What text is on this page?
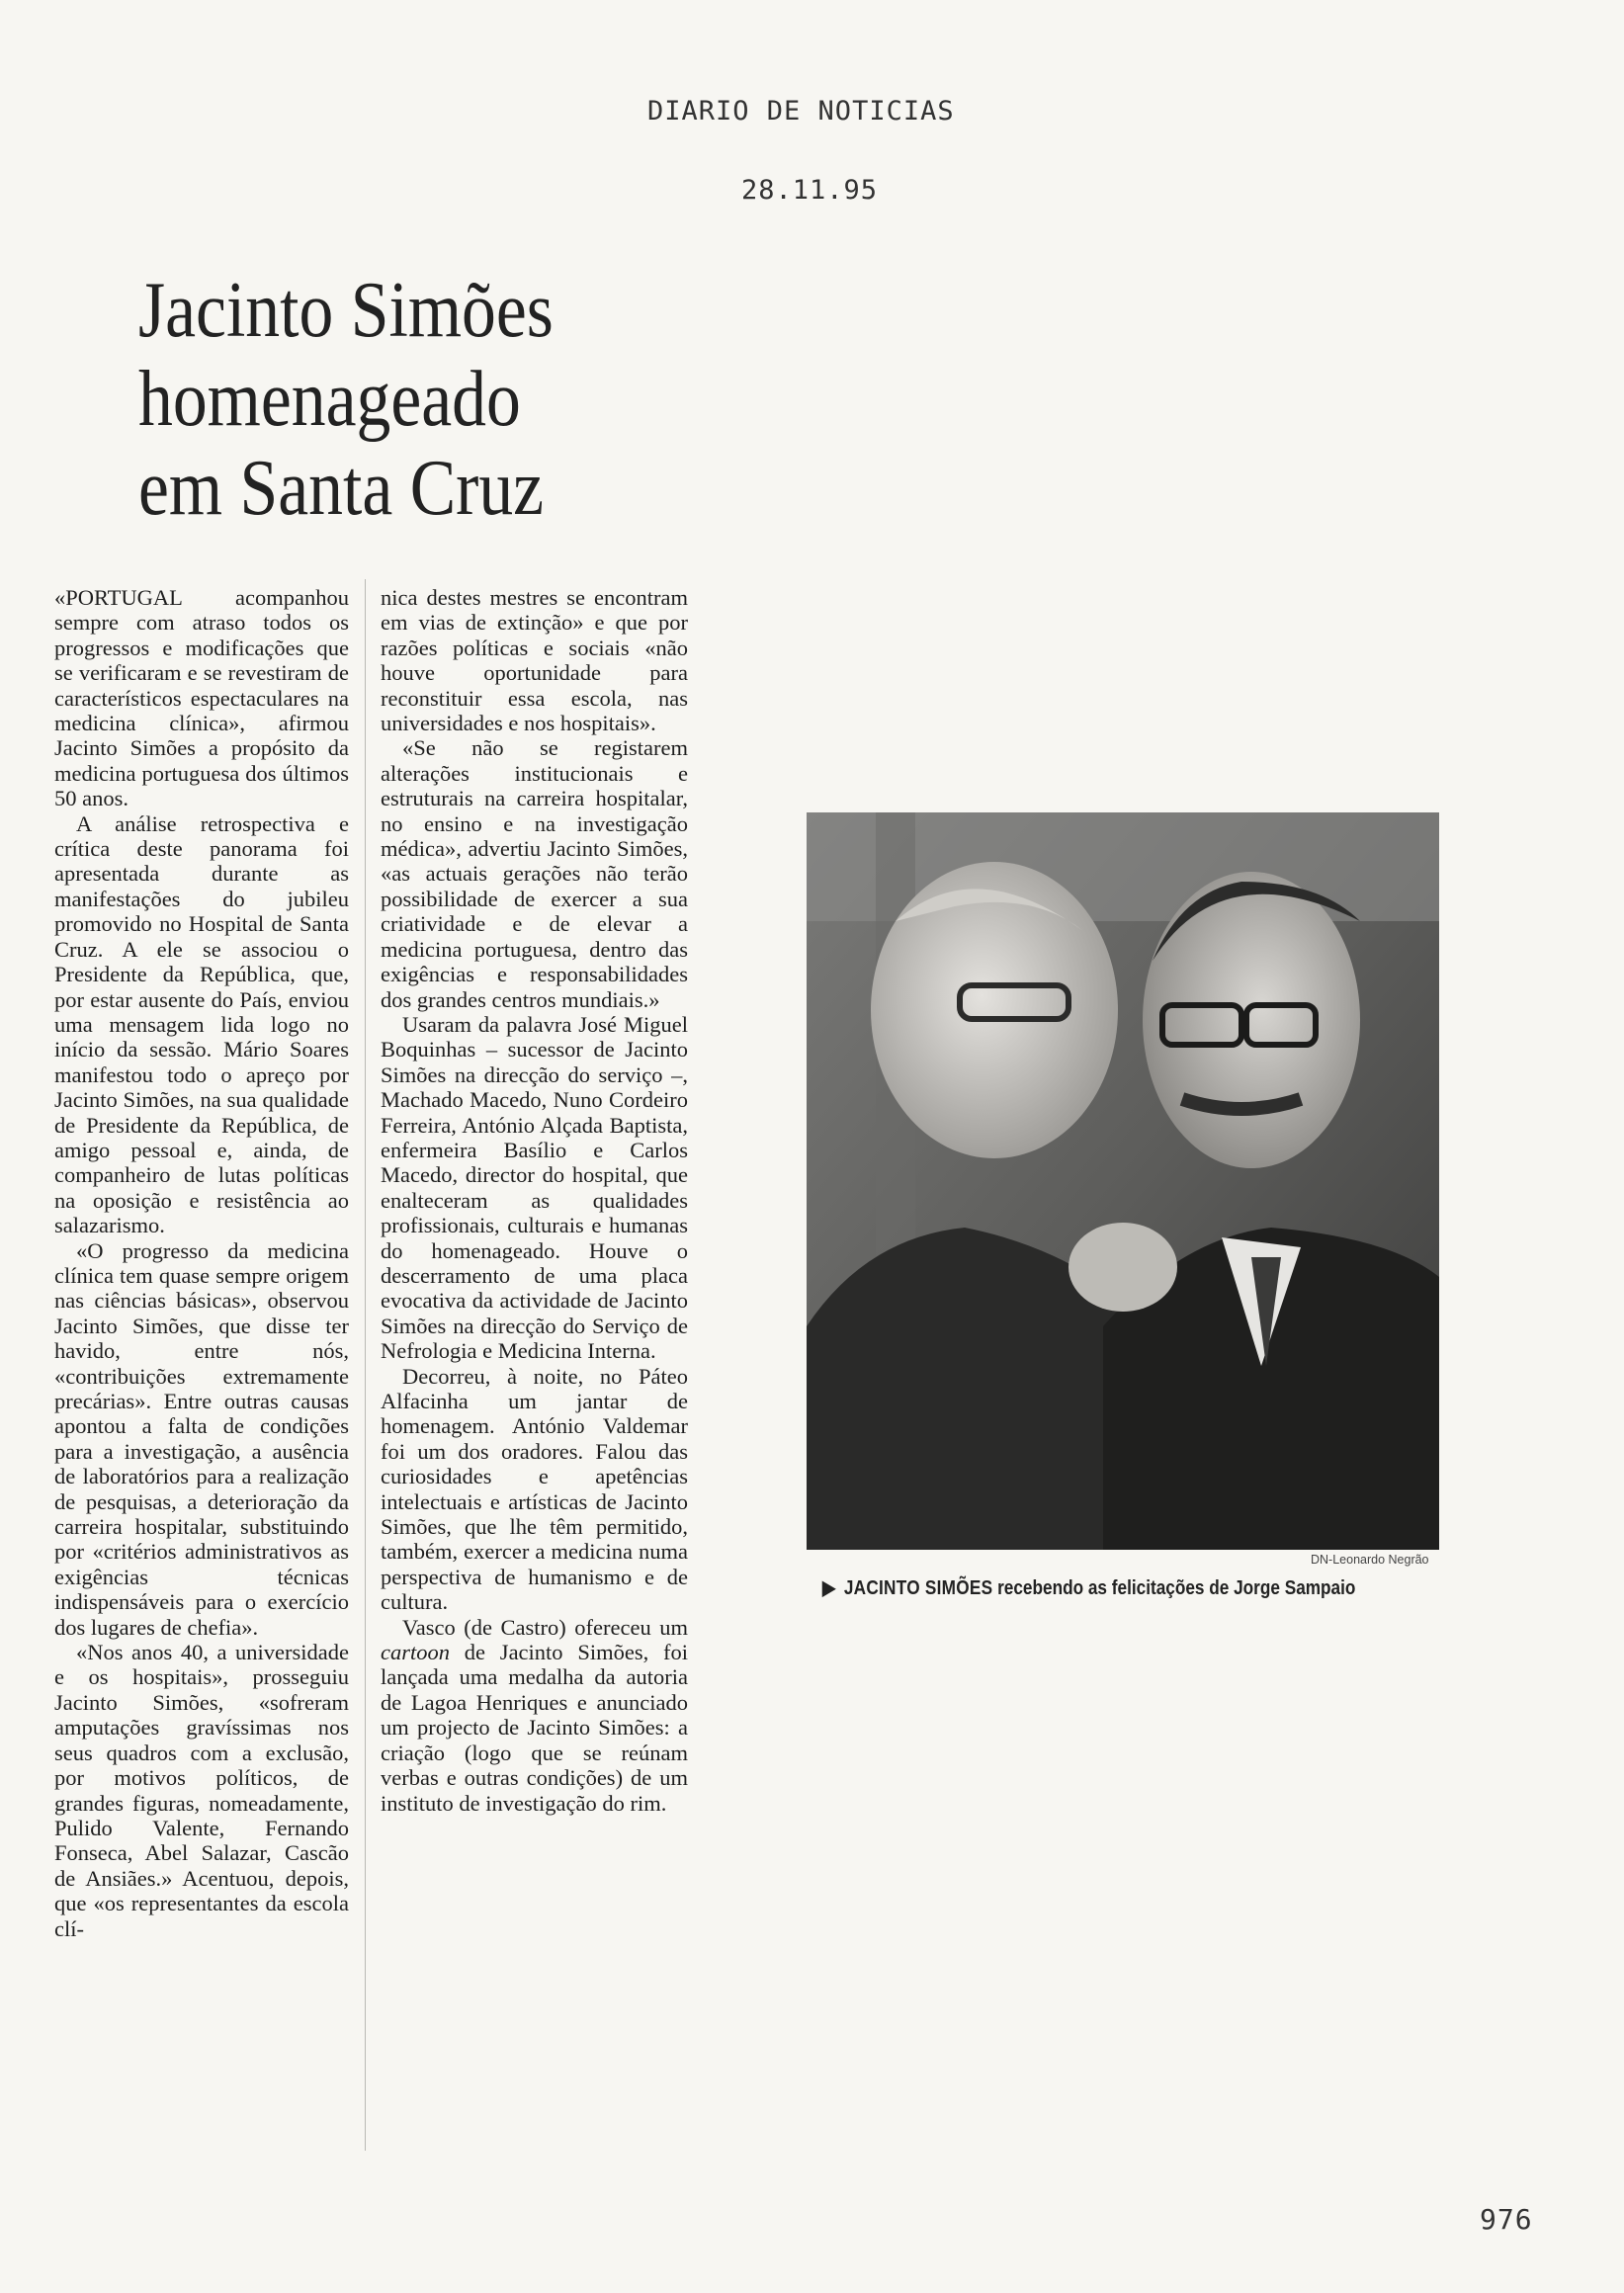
DIARIO DE NOTICIAS
28.11.95
Jacinto Simões
homenageado
em Santa Cruz

«PORTUGAL acompanhou sempre com atraso todos os progressos e modificações que se verificaram e se revestiram de característicos espectaculares na medicina clínica», afirmou Jacinto Simões a propósito da medicina portuguesa dos últimos 50 anos.

A análise retrospectiva e crítica deste panorama foi apresentada durante as manifestações do jubileu promovido no Hospital de Santa Cruz. A ele se associou o Presidente da República, que, por estar ausente do País, enviou uma mensagem lida logo no início da sessão. Mário Soares manifestou todo o apreço por Jacinto Simões, na sua qualidade de Presidente da República, de amigo pessoal e, ainda, de companheiro de lutas políticas na oposição e resistência ao salazarismo.

«O progresso da medicina clínica tem quase sempre origem nas ciências básicas», observou Jacinto Simões, que disse ter havido, entre nós, «contribuições extremamente precárias». Entre outras causas apontou a falta de condições para a investigação, a ausência de laboratórios para a realização de pesquisas, a deterioração da carreira hospitalar, substituindo por «critérios administrativos as exigências técnicas indispensáveis para o exercício dos lugares de chefia».

«Nos anos 40, a universidade e os hospitais», prosseguiu Jacinto Simões, «sofreram amputações gravíssimas nos seus quadros com a exclusão, por motivos políticos, de grandes figuras, nomeadamente, Pulido Valente, Fernando Fonseca, Abel Salazar, Cascão de Ansiães.» Acentuou, depois, que «os representantes da escola clí-

nica destes mestres se encontram em vias de extinção» e que por razões políticas e sociais «não houve oportunidade para reconstituir essa escola, nas universidades e nos hospitais».

«Se não se registarem alterações institucionais e estruturais na carreira hospitalar, no ensino e na investigação médica», advertiu Jacinto Simões, «as actuais gerações não terão possibilidade de exercer a sua criatividade e de elevar a medicina portuguesa, dentro das exigências e responsabilidades dos grandes centros mundiais.»

Usaram da palavra José Miguel Boquinhas – sucessor de Jacinto Simões na direcção do serviço –, Machado Macedo, Nuno Cordeiro Ferreira, António Alçada Baptista, enfermeira Basílio e Carlos Macedo, director do hospital, que enalteceram as qualidades profissionais, culturais e humanas do homenageado. Houve o descerramento de uma placa evocativa da actividade de Jacinto Simões na direcção do Serviço de Nefrologia e Medicina Interna.

Decorreu, à noite, no Páteo Alfacinha um jantar de homenagem. António Valdemar foi um dos oradores. Falou das curiosidades e apetências intelectuais e artísticas de Jacinto Simões, que lhe têm permitido, também, exercer a medicina numa perspectiva de humanismo e de cultura.

Vasco (de Castro) ofereceu um cartoon de Jacinto Simões, foi lançada uma medalha da autoria de Lagoa Henriques e anunciado um projecto de Jacinto Simões: a criação (logo que se reúnam verbas e outras condições) de um instituto de investigação do rim.

DN-Leonardo Negrão
▶ JACINTO SIMÕES recebendo as felicitações de Jorge Sampaio
976
